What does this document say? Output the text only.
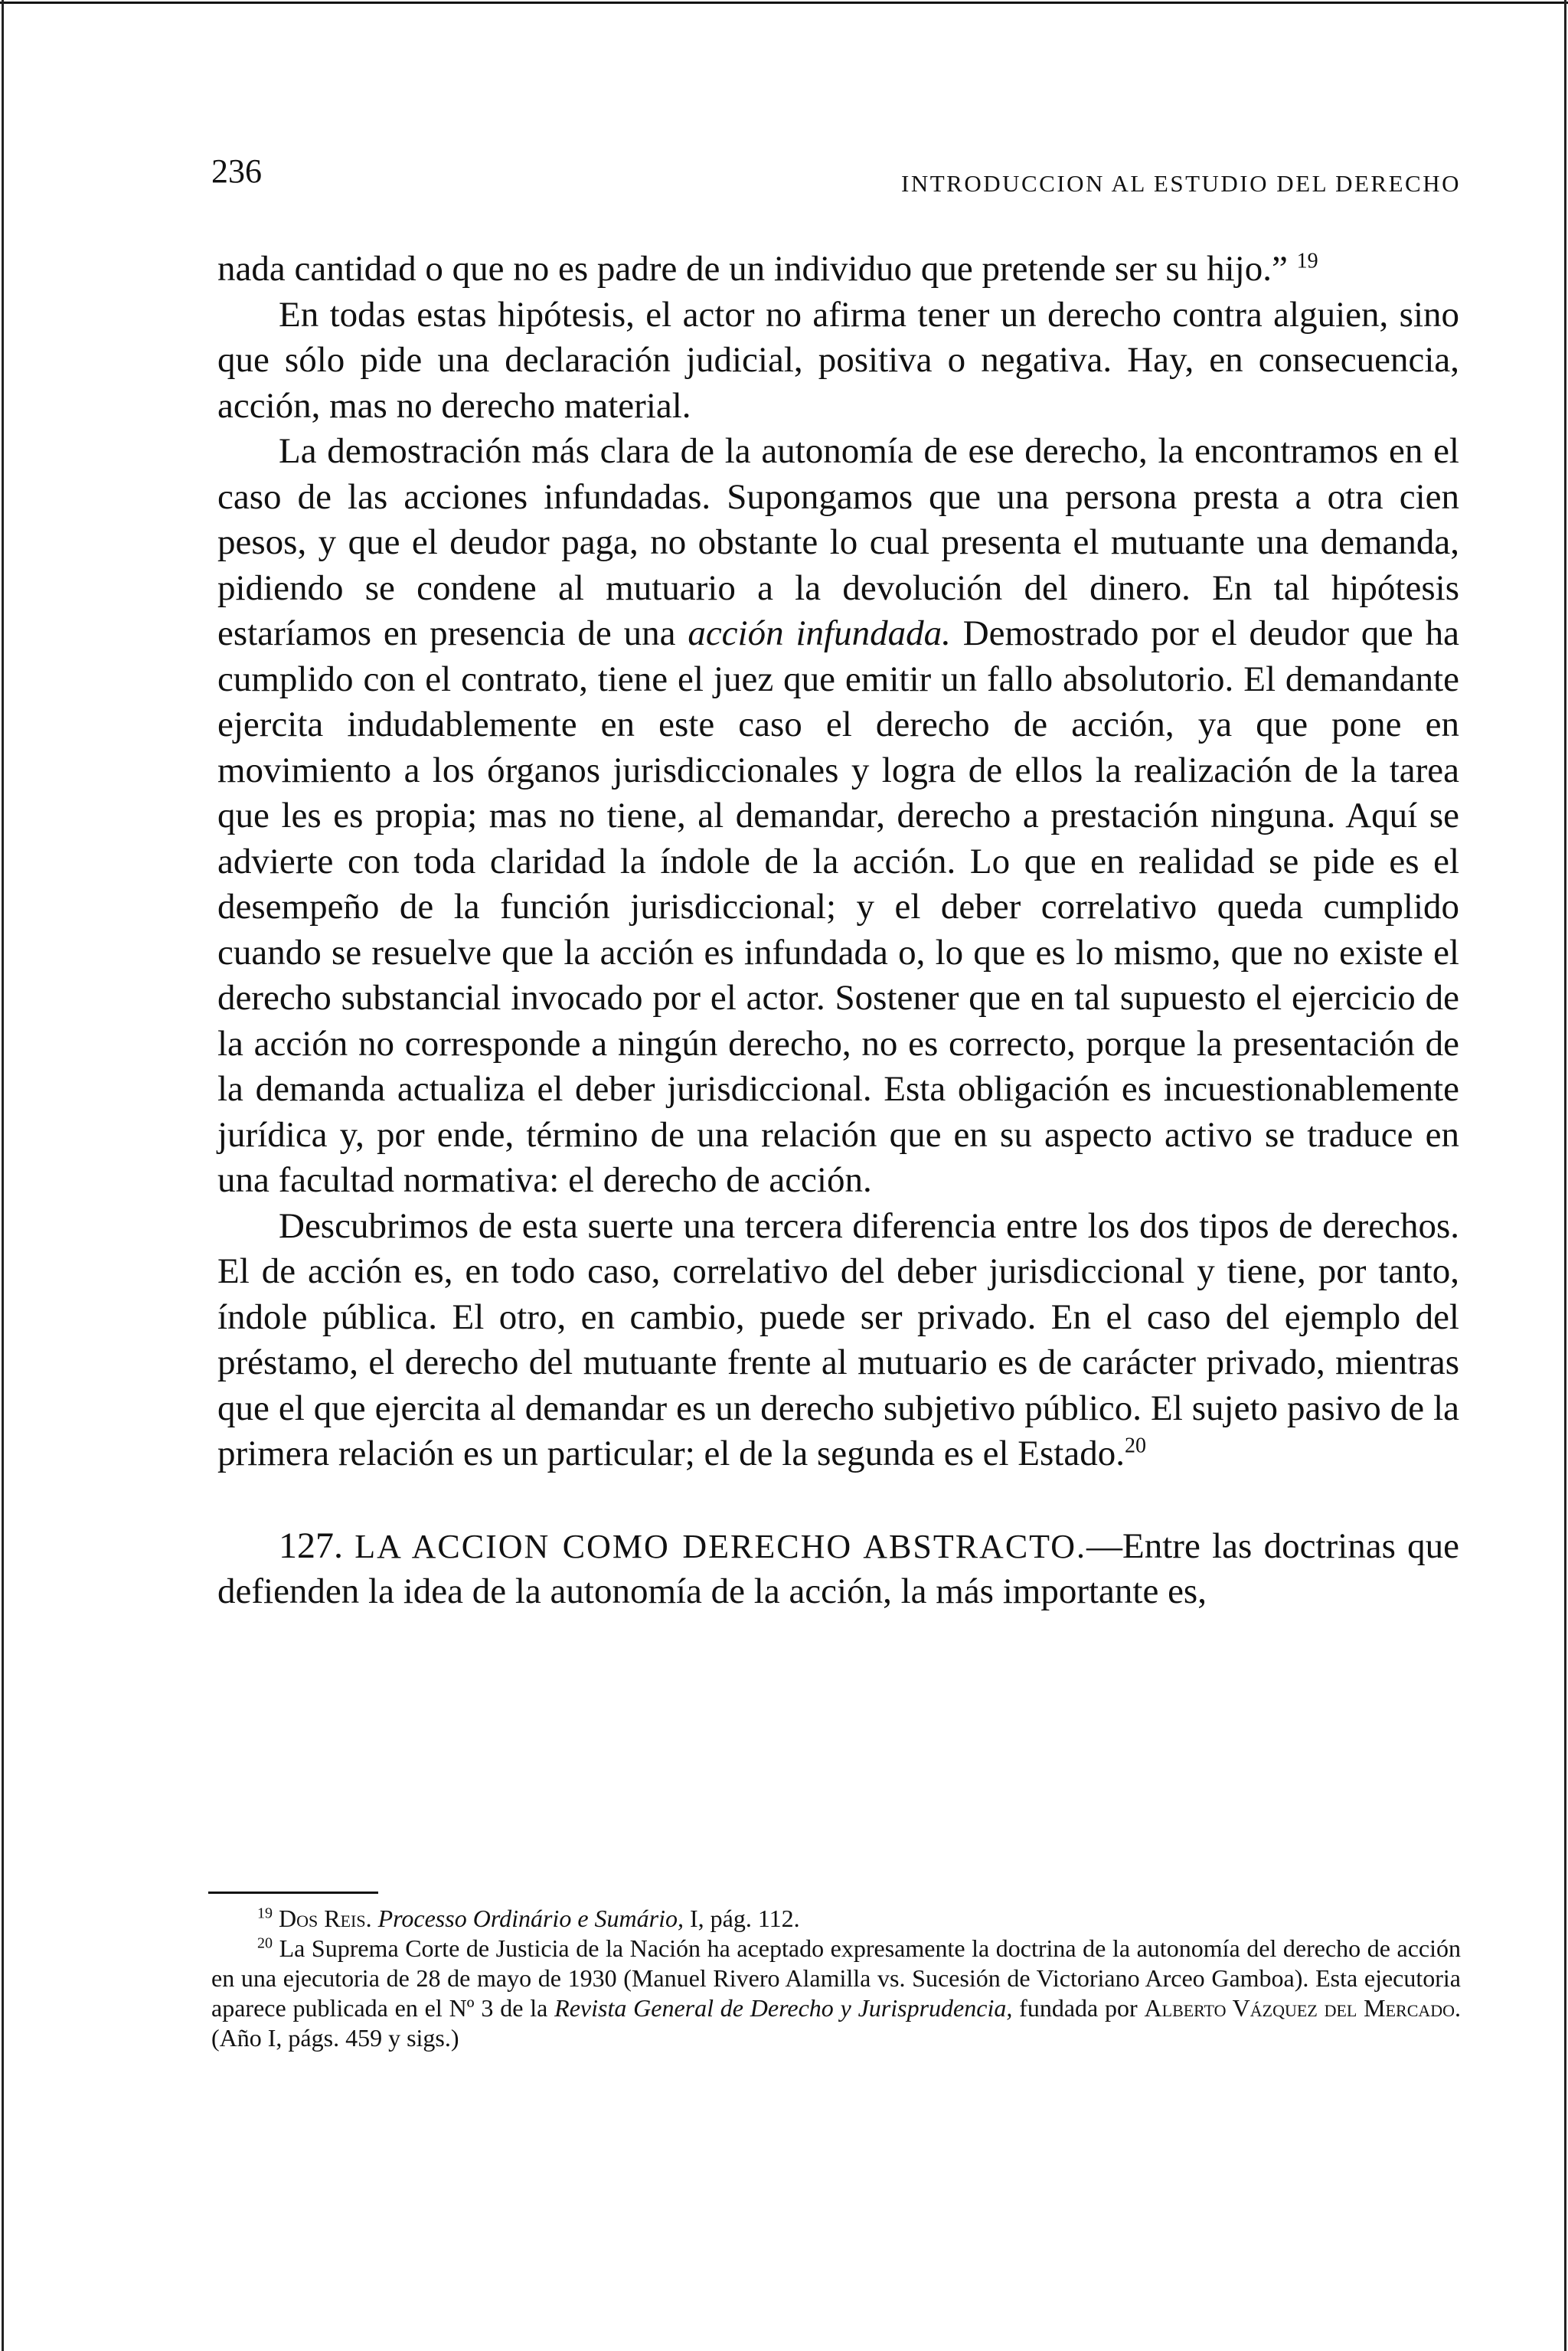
236	INTRODUCCION AL ESTUDIO DEL DERECHO

nada cantidad o que no es padre de un individuo que pretende ser su hijo.” $^{19}$

En todas estas hipótesis, el actor no afirma tener un derecho contra alguien, sino que sólo pide una declaración judicial, positiva o negativa. Hay, en consecuencia, acción, mas no derecho material.

La demostración más clara de la autonomía de ese derecho, la encontramos en el caso de las acciones infundadas. Supongamos que una persona presta a otra cien pesos, y que el deudor paga, no obstante lo cual presenta el mutuante una demanda, pidiendo se condene al mutuario a la devolución del dinero. En tal hipótesis estaríamos en presencia de una acción infundada. Demostrado por el deudor que ha cumplido con el contrato, tiene el juez que emitir un fallo absolutorio. El demandante ejercita indudablemente en este caso el derecho de acción, ya que pone en movimiento a los órganos jurisdiccionales y logra de ellos la realización de la tarea que les es propia; mas no tiene, al demandar, derecho a prestación ninguna. Aquí se advierte con toda claridad la índole de la acción. Lo que en realidad se pide es el desempeño de la función jurisdiccional; y el deber correlativo queda cumplido cuando se resuelve que la acción es infundada o, lo que es lo mismo, que no existe el derecho substancial invocado por el actor. Sostener que en tal supuesto el ejercicio de la acción no corresponde a ningún derecho, no es correcto, porque la presentación de la demanda actualiza el deber jurisdiccional. Esta obligación es incuestionablemente jurídica y, por ende, término de una relación que en su aspecto activo se traduce en una facultad normativa: el derecho de acción.

Descubrimos de esta suerte una tercera diferencia entre los dos tipos de derechos. El de acción es, en todo caso, correlativo del deber jurisdiccional y tiene, por tanto, índole pública. El otro, en cambio, puede ser privado. En el caso del ejemplo del préstamo, el derecho del mutuante frente al mutuario es de carácter privado, mientras que el que ejercita al demandar es un derecho subjetivo público. El sujeto pasivo de la primera relación es un particular; el de la segunda es el Estado.$^{20}$

127. LA ACCION COMO DERECHO ABSTRACTO.—Entre las doctrinas que defienden la idea de la autonomía de la acción, la más importante es,

$^{19}$ Dos Reis. Processo Ordinário e Sumário, I, pág. 112.

$^{20}$ La Suprema Corte de Justicia de la Nación ha aceptado expresamente la doctrina de la autonomía del derecho de acción en una ejecutoria de 28 de mayo de 1930 (Manuel Rivero Alamilla vs. Sucesión de Victoriano Arceo Gamboa). Esta ejecutoria aparece publicada en el Nº 3 de la Revista General de Derecho y Jurisprudencia, fundada por Alberto Vázquez del Mercado. (Año I, págs. 459 y sigs.)
